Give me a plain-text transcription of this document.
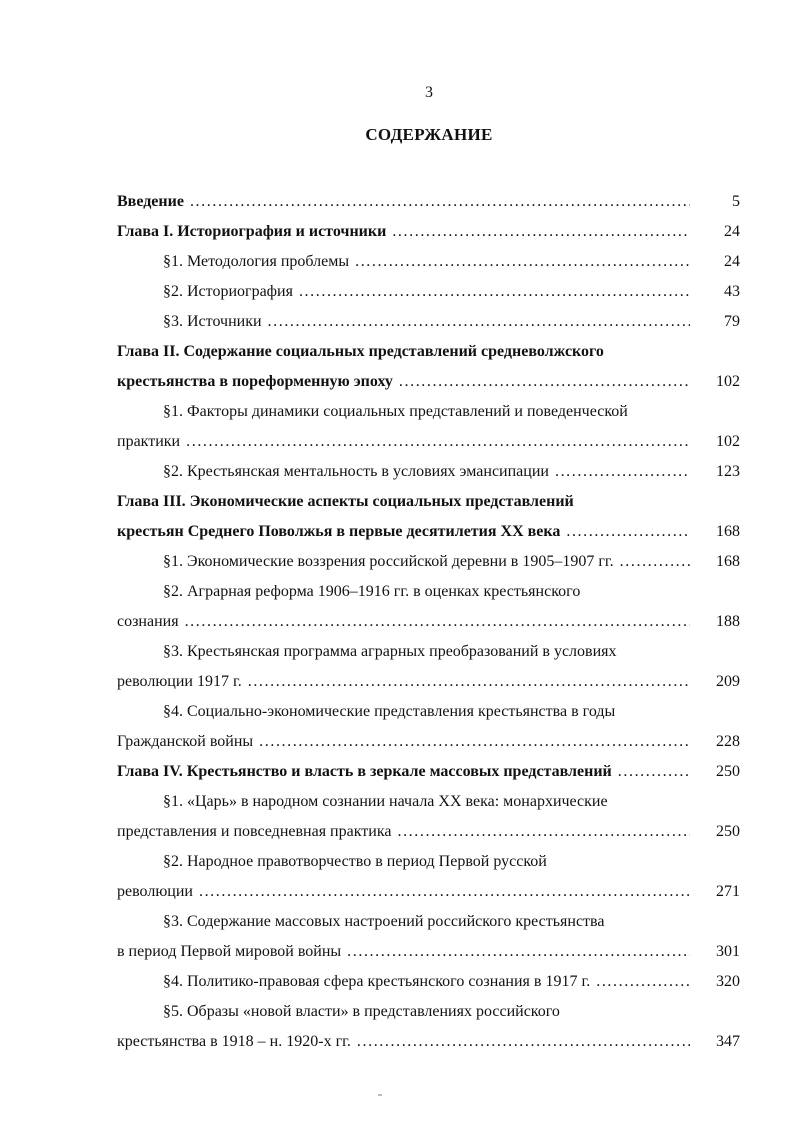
3
СОДЕРЖАНИЕ
Введение . . .	5
Глава I. Историография и источники . . .	24
§1. Методология проблемы . . .	24
§2. Историография . . .	43
§3. Источники . . .	79
Глава II. Содержание социальных представлений средневолжского
крестьянства в пореформенную эпоху . . .	102
§1. Факторы динамики социальных представлений и поведенческой
практики . . .	102
§2. Крестьянская ментальность в условиях эмансипации . . .	123
Глава III. Экономические аспекты социальных представлений
крестьян Среднего Поволжья в первые десятилетия XX века . . .	168
§1. Экономические воззрения российской деревни в 1905–1907 гг. . . .	168
§2. Аграрная реформа 1906–1916 гг. в оценках крестьянского
сознания . . .	188
§3. Крестьянская программа аграрных преобразований в условиях
революции 1917 г. . . .	209
§4. Социально-экономические представления крестьянства в годы
Гражданской войны . . .	228
Глава IV. Крестьянство и власть в зеркале массовых представлений . . .	250
§1. «Царь» в народном сознании начала XX века: монархические
представления и повседневная практика . . .	250
§2. Народное правотворчество в период Первой русской
революции . . .	271
§3. Содержание массовых настроений российского крестьянства
в период Первой мировой войны . . .	301
§4. Политико-правовая сфера крестьянского сознания в 1917 г. . . .	320
§5. Образы «новой власти» в представлениях российского
крестьянства в 1918 – н. 1920-х гг. . . .	347
